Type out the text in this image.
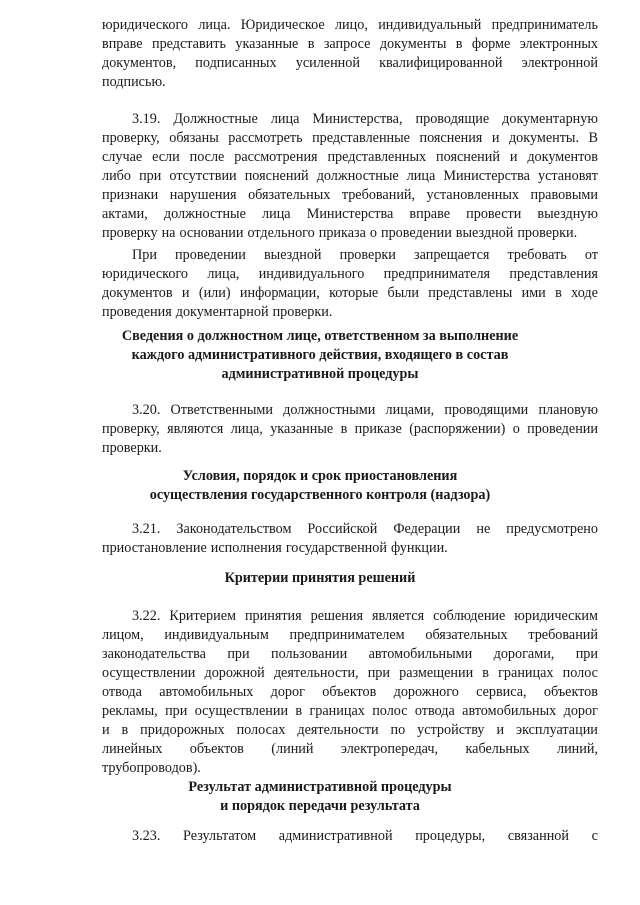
юридического лица. Юридическое лицо, индивидуальный предприниматель
вправе представить указанные в запросе документы в форме электронных
документов, подписанных усиленной квалифицированной электронной
подписью.
3.19. Должностные лица Министерства, проводящие документарную
проверку, обязаны рассмотреть представленные пояснения и документы. В
случае если после рассмотрения представленных пояснений и документов
либо при отсутствии пояснений должностные лица Министерства установят
признаки нарушения обязательных требований, установленных правовыми
актами, должностные лица Министерства вправе провести выездную
проверку на основании отдельного приказа о проведении выездной проверки.
При проведении выездной проверки запрещается требовать от
юридического лица, индивидуального предпринимателя представления
документов и (или) информации, которые были представлены ими в ходе
проведения документарной проверки.
Сведения о должностном лице, ответственном за выполнение
каждого административного действия, входящего в состав
административной процедуры
3.20. Ответственными должностными лицами, проводящими плановую
проверку, являются лица, указанные в приказе (распоряжении) о проведении
проверки.
Условия, порядок и срок приостановления
осуществления государственного контроля (надзора)
3.21. Законодательством Российской Федерации не предусмотрено
приостановление исполнения государственной функции.
Критерии принятия решений
3.22. Критерием принятия решения является соблюдение юридическим
лицом, индивидуальным предпринимателем обязательных требований
законодательства при пользовании автомобильными дорогами, при
осуществлении дорожной деятельности, при размещении в границах полос
отвода автомобильных дорог объектов дорожного сервиса, объектов
рекламы, при осуществлении в границах полос отвода автомобильных дорог
и в придорожных полосах деятельности по устройству и эксплуатации
линейных объектов (линий электропередач, кабельных линий,
трубопроводов).
Результат административной процедуры
и порядок передачи результата
3.23. Результатом административной процедуры, связанной с
